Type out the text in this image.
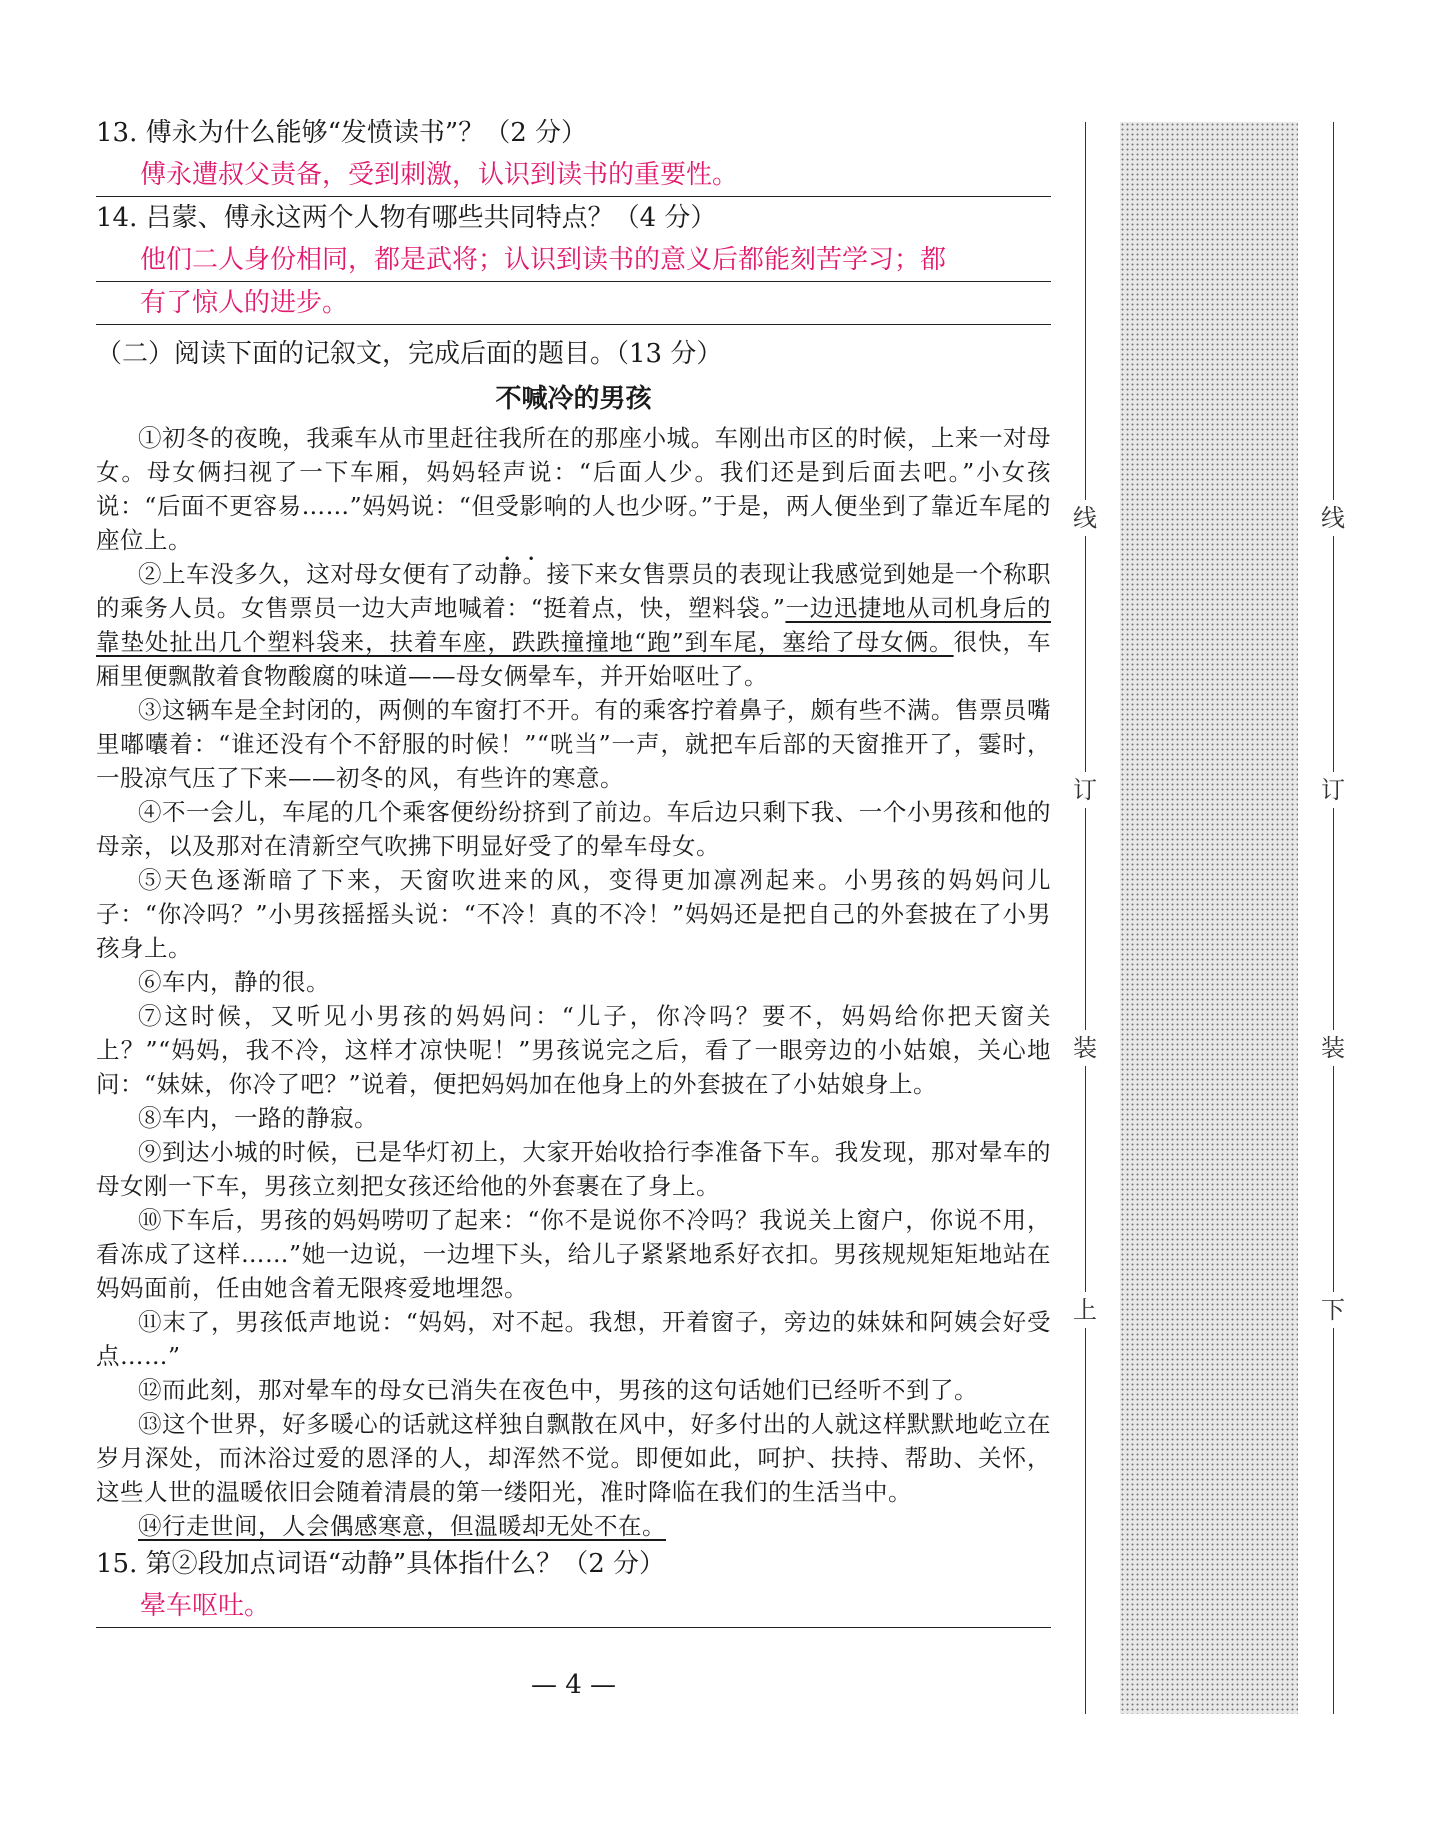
13. 傅永为什么能够“发愤读书”？（2 分）

傅永遭叔父责备，受到刺激，认识到读书的重要性。

14. 吕蒙、傅永这两个人物有哪些共同特点？（4 分）

他们二人身份相同，都是武将；认识到读书的意义后都能刻苦学习；都
有了惊人的进步。

（二）阅读下面的记叙文，完成后面的题目。（13 分）

不喊冷的男孩

①初冬的夜晚，我乘车从市里赶往我所在的那座小城。车刚出市区的时候，上来一对母女。母女俩扫视了一下车厢，妈妈轻声说：“后面人少。我们还是到后面去吧。”小女孩说：“后面不更容易……”妈妈说：“但受影响的人也少呀。”于是，两人便坐到了靠近车尾的座位上。

②上车没多久，这对母女便有了动静。接下来女售票员的表现让我感觉到她是一个称职的乘务人员。女售票员一边大声地喊着：“挺着点，快，塑料袋。”一边迅捷地从司机身后的靠垫处扯出几个塑料袋来，扶着车座，跌跌撞撞地“跑”到车尾，塞给了母女俩。很快，车厢里便飘散着食物酸腐的味道——母女俩晕车，并开始呕吐了。

③这辆车是全封闭的，两侧的车窗打不开。有的乘客拧着鼻子，颇有些不满。售票员嘴里嘟囔着：“谁还没有个不舒服的时候！”“咣当”一声，就把车后部的天窗推开了，霎时，一股凉气压了下来——初冬的风，有些许的寒意。

④不一会儿，车尾的几个乘客便纷纷挤到了前边。车后边只剩下我、一个小男孩和他的母亲，以及那对在清新空气吹拂下明显好受了的晕车母女。

⑤天色逐渐暗了下来，天窗吹进来的风，变得更加凛冽起来。小男孩的妈妈问儿子：“你冷吗？”小男孩摇摇头说：“不冷！真的不冷！”妈妈还是把自己的外套披在了小男孩身上。

⑥车内，静的很。

⑦这时候，又听见小男孩的妈妈问：“儿子，你冷吗？要不，妈妈给你把天窗关上？”“妈妈，我不冷，这样才凉快呢！”男孩说完之后，看了一眼旁边的小姑娘，关心地问：“妹妹，你冷了吧？”说着，便把妈妈加在他身上的外套披在了小姑娘身上。

⑧车内，一路的静寂。

⑨到达小城的时候，已是华灯初上，大家开始收拾行李准备下车。我发现，那对晕车的母女刚一下车，男孩立刻把女孩还给他的外套裹在了身上。

⑩下车后，男孩的妈妈唠叨了起来：“你不是说你不冷吗？我说关上窗户，你说不用，看冻成了这样……”她一边说，一边埋下头，给儿子紧紧地系好衣扣。男孩规规矩矩地站在妈妈面前，任由她含着无限疼爱地埋怨。

⑪末了，男孩低声地说：“妈妈，对不起。我想，开着窗子，旁边的妹妹和阿姨会好受点……”

⑫而此刻，那对晕车的母女已消失在夜色中，男孩的这句话她们已经听不到了。

⑬这个世界，好多暖心的话就这样独自飘散在风中，好多付出的人就这样默默地屹立在岁月深处，而沐浴过爱的恩泽的人，却浑然不觉。即便如此，呵护、扶持、帮助、关怀，这些人世的温暖依旧会随着清晨的第一缕阳光，准时降临在我们的生活当中。

⑭行走世间，人会偶感寒意，但温暖却无处不在。

15. 第②段加点词语“动静”具体指什么？（2 分）

晕车呕吐。

— 4 —
线
订
装
上
线
订
装
下
